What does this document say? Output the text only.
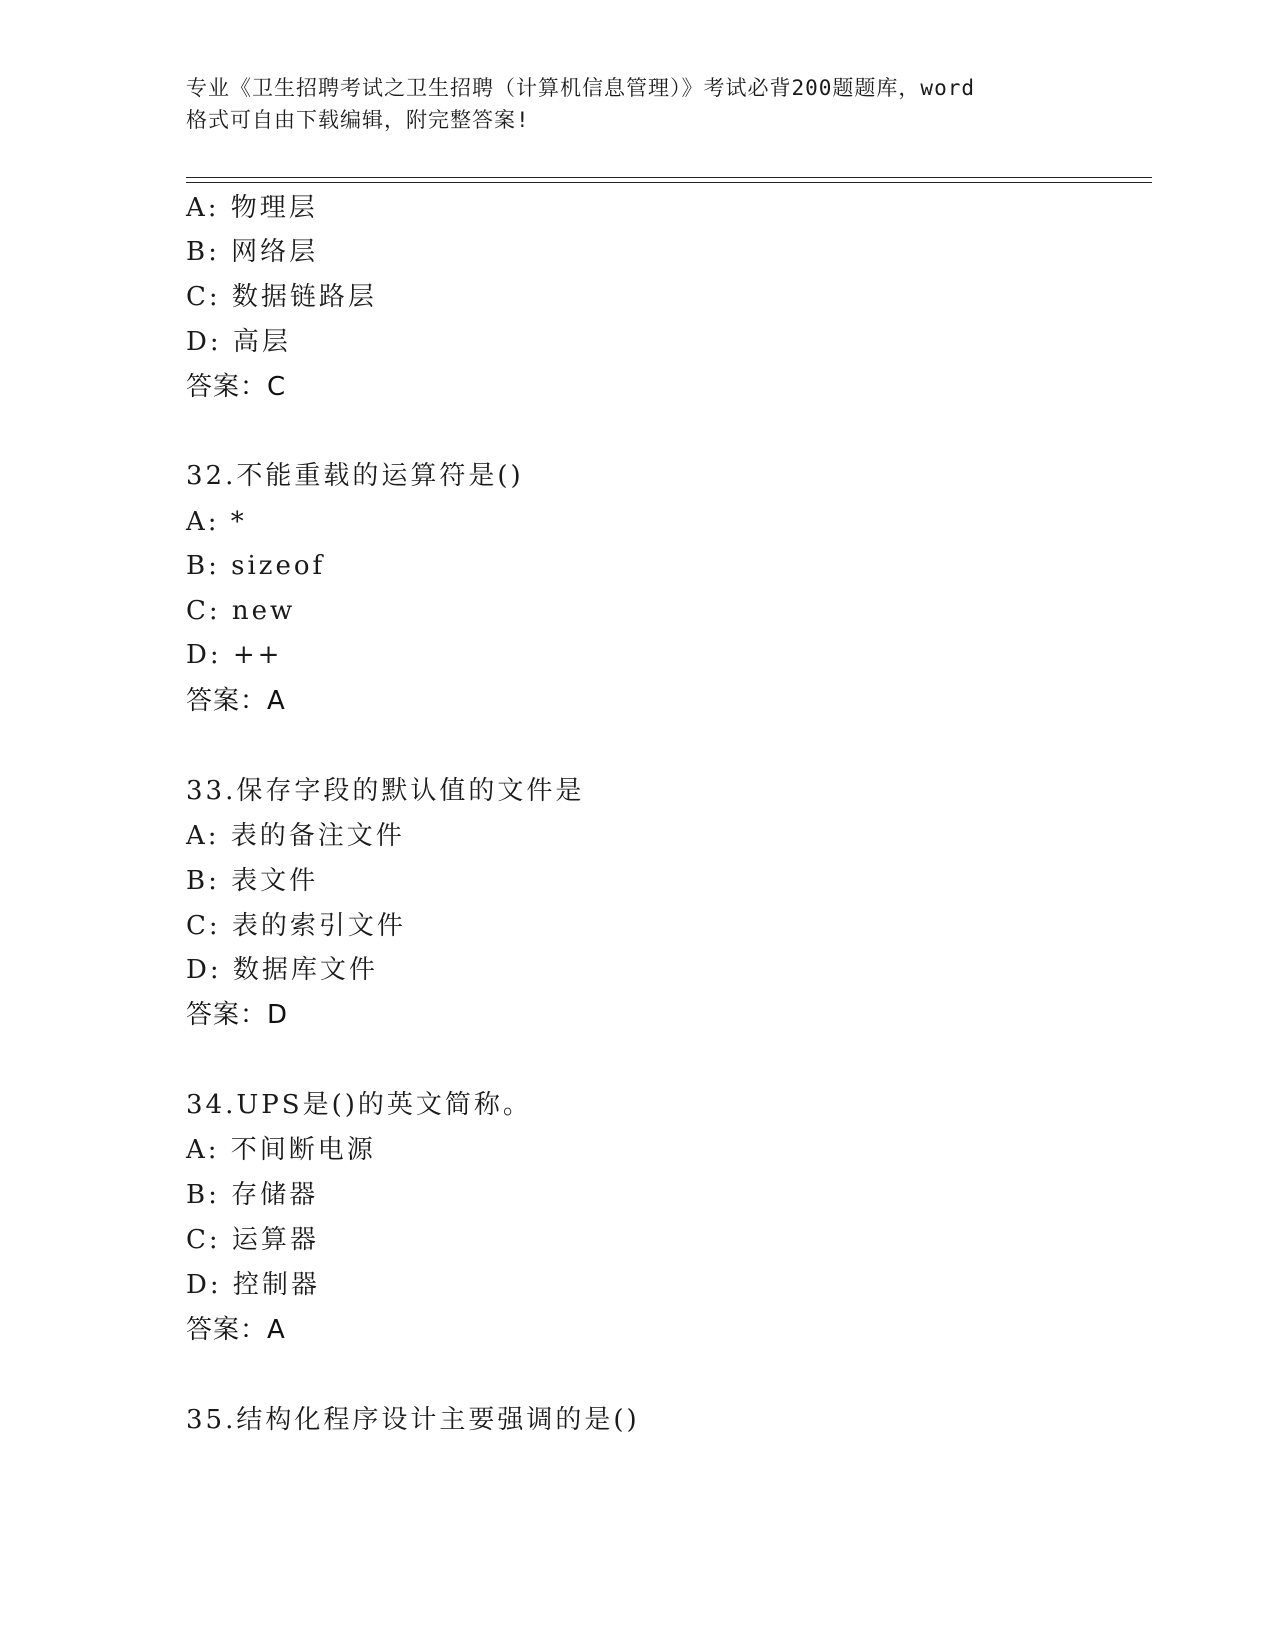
专业《卫生招聘考试之卫生招聘（计算机信息管理）》考试必背200题题库，word
格式可自由下载编辑，附完整答案!
A: 物理层
B: 网络层
C: 数据链路层
D: 高层
答案：C
32.不能重载的运算符是()
A: *
B: sizeof
C: new
D: ++
答案：A
33.保存字段的默认值的文件是
A: 表的备注文件
B: 表文件
C: 表的索引文件
D: 数据库文件
答案：D
34.UPS是()的英文简称。
A: 不间断电源
B: 存储器
C: 运算器
D: 控制器
答案：A
35.结构化程序设计主要强调的是()
